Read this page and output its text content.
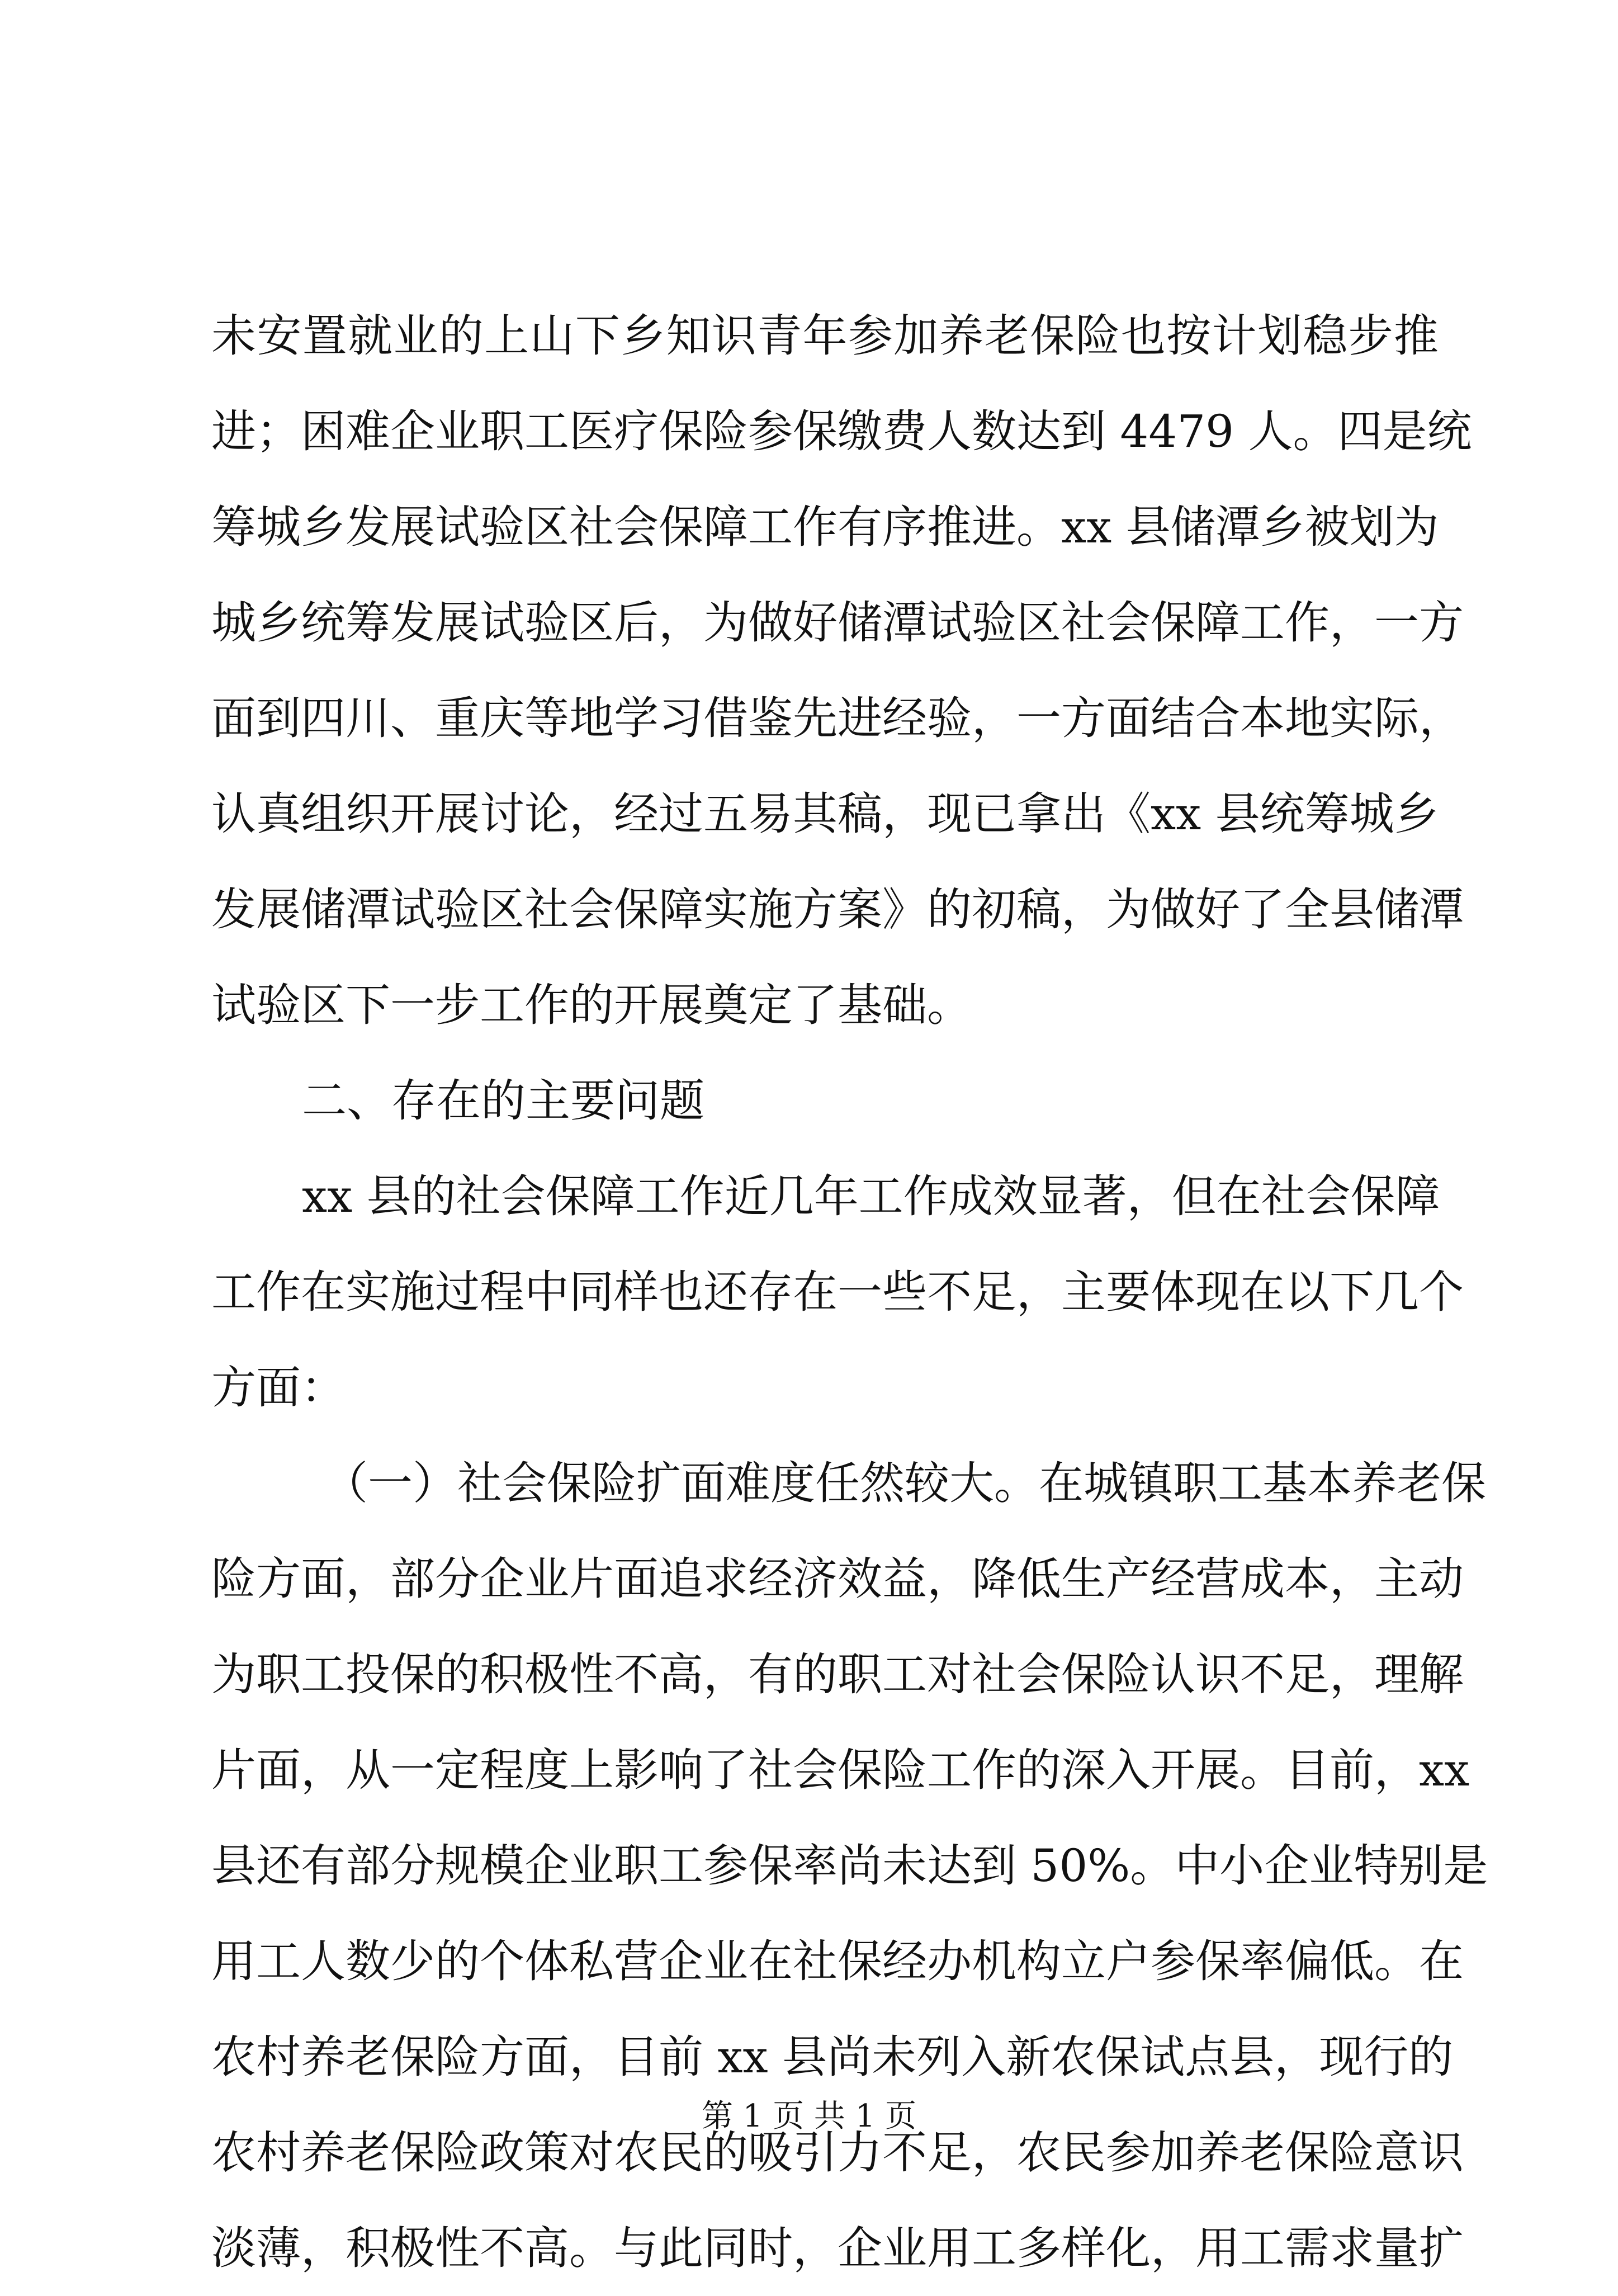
未安置就业的上山下乡知识青年参加养老保险也按计划稳步推
进；困难企业职工医疗保险参保缴费人数达到 4479 人。四是统
筹城乡发展试验区社会保障工作有序推进。xx 县储潭乡被划为
城乡统筹发展试验区后，为做好储潭试验区社会保障工作，一方
面到四川、重庆等地学习借鉴先进经验，一方面结合本地实际，
认真组织开展讨论，经过五易其稿，现已拿出《xx 县统筹城乡
发展储潭试验区社会保障实施方案》的初稿，为做好了全县储潭
试验区下一步工作的开展奠定了基础。
二、存在的主要问题
xx 县的社会保障工作近几年工作成效显著，但在社会保障
工作在实施过程中同样也还存在一些不足，主要体现在以下几个
方面：
（一）社会保险扩面难度任然较大。在城镇职工基本养老保
险方面，部分企业片面追求经济效益，降低生产经营成本，主动
为职工投保的积极性不高，有的职工对社会保险认识不足，理解
片面，从一定程度上影响了社会保险工作的深入开展。目前，xx
县还有部分规模企业职工参保率尚未达到 50%。中小企业特别是
用工人数少的个体私营企业在社保经办机构立户参保率偏低。在
农村养老保险方面，目前 xx 县尚未列入新农保试点县，现行的
农村养老保险政策对农民的吸引力不足，农民参加养老保险意识
淡薄，积极性不高。与此同时，企业用工多样化，用工需求量扩
第 1 页 共 1 页
